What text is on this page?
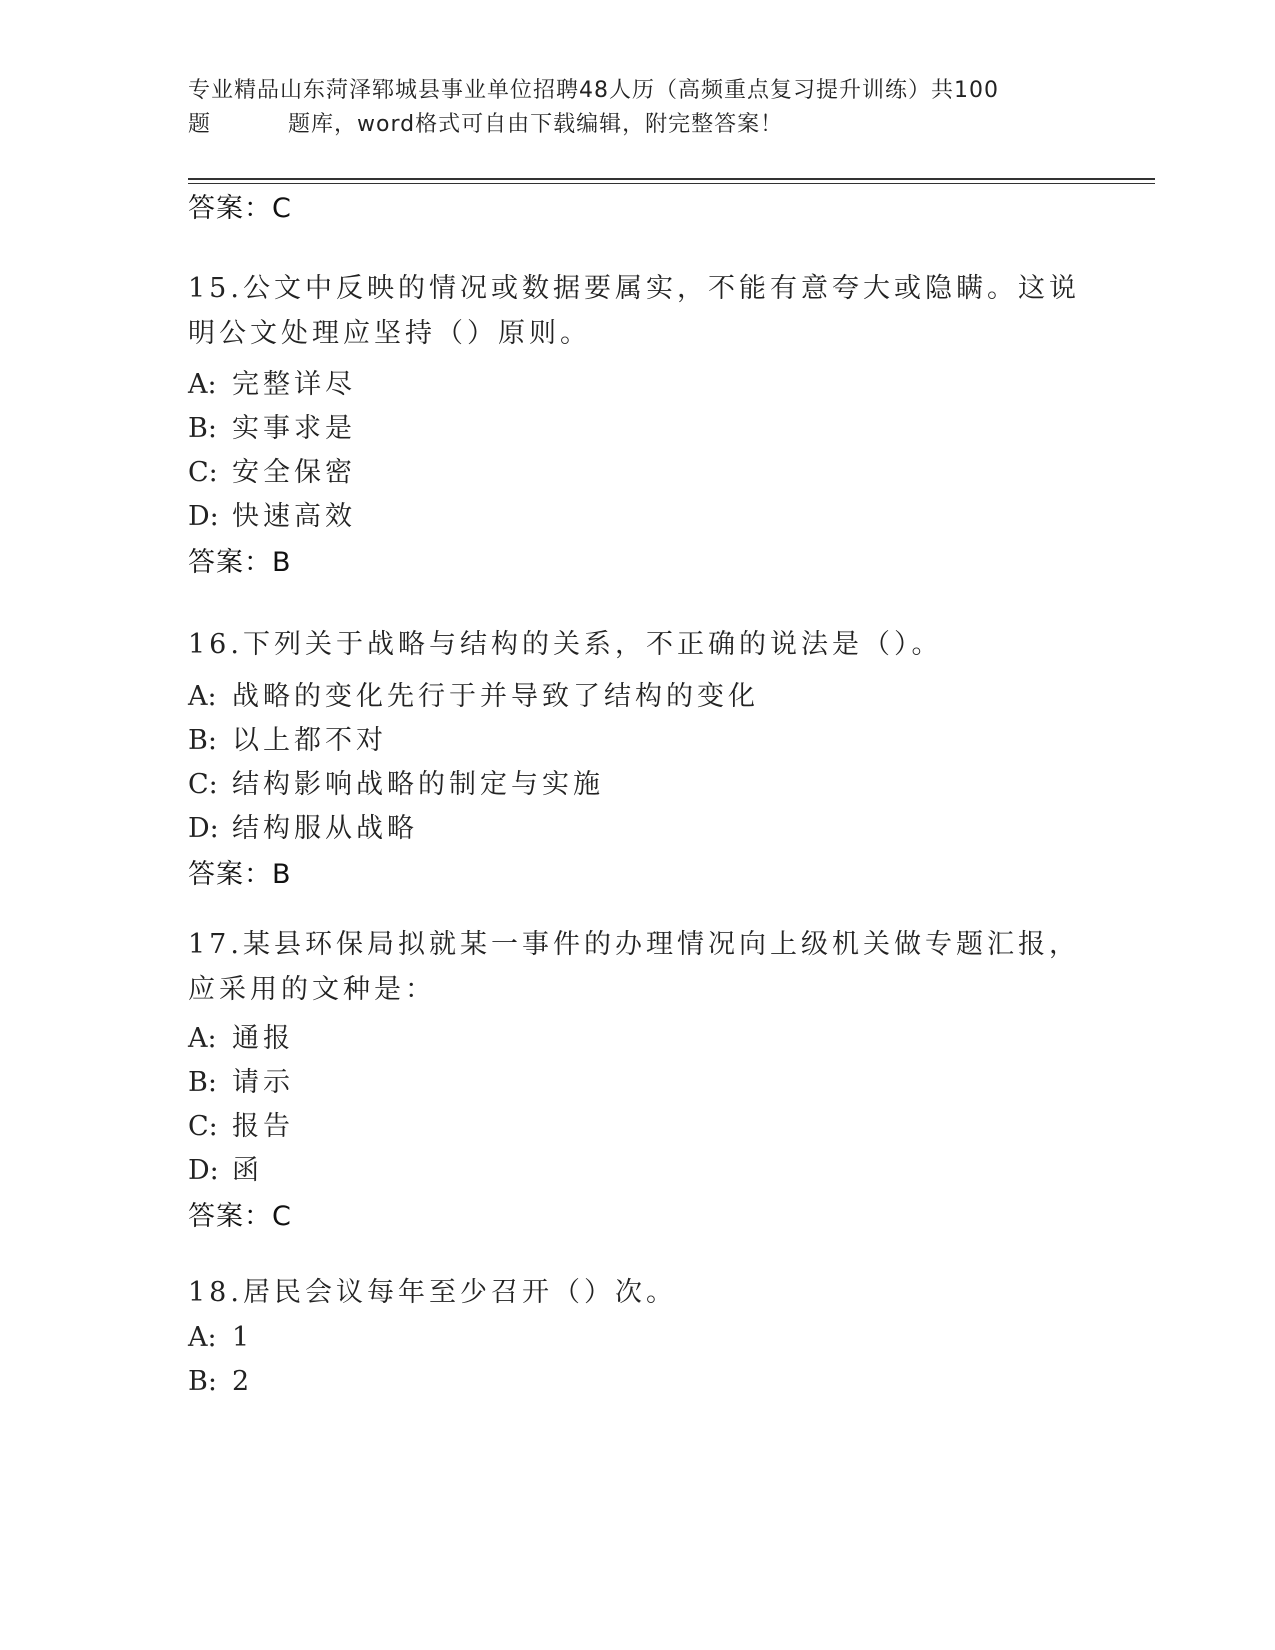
专业精品山东菏泽郓城县事业单位招聘48人历（高频重点复习提升训练）共100
题	题库，word格式可自由下载编辑，附完整答案！
答案：C
15.公文中反映的情况或数据要属实，不能有意夸大或隐瞒。这说明公文处理应坚持（）原则。
A: 完整详尽
B: 实事求是
C: 安全保密
D: 快速高效
答案：B
16.下列关于战略与结构的关系，不正确的说法是（）。
A: 战略的变化先行于并导致了结构的变化
B: 以上都不对
C: 结构影响战略的制定与实施
D: 结构服从战略
答案：B
17.某县环保局拟就某一事件的办理情况向上级机关做专题汇报，应采用的文种是：
A: 通报
B: 请示
C: 报告
D: 函
答案：C
18.居民会议每年至少召开（）次。
A: 1
B: 2
